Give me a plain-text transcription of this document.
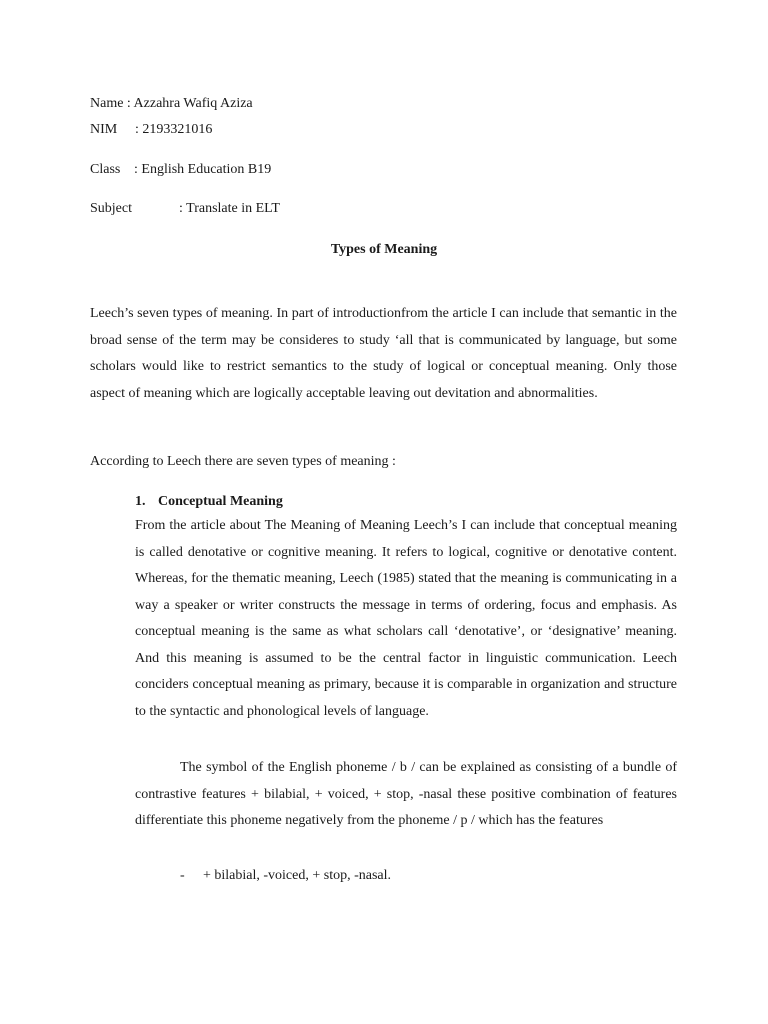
Name : Azzahra Wafiq Aziza
NIM : 2193321016
Class : English Education B19
Subject	: Translate in ELT
Types of Meaning
Leech’s seven types of meaning. In part of introductionfrom the article I can include that semantic in the broad sense of the term may be consideres to study ‘all that is communicated by language, but some scholars would like to restrict semantics to the study of logical or conceptual meaning. Only those aspect of meaning which are logically acceptable leaving out devitation and abnormalities.
According to Leech there are seven types of meaning :
1. Conceptual Meaning
From the article about The Meaning of Meaning Leech’s I can include that conceptual meaning is called denotative or cognitive meaning. It refers to logical, cognitive or denotative content. Whereas, for the thematic meaning, Leech (1985) stated that the meaning is communicating in a way a speaker or writer constructs the message in terms of ordering, focus and emphasis. As conceptual meaning is the same as what scholars call ‘denotative’, or ‘designative’ meaning. And this meaning is assumed to be the central factor in linguistic communication. Leech conciders conceptual meaning as primary, because it is comparable in organization and structure to the syntactic and phonological levels of language.
The symbol of the English phoneme / b / can be explained as consisting of a bundle of contrastive features + bilabial, + voiced, + stop, -nasal these positive combination of features differentiate this phoneme negatively from the phoneme / p / which has the features
- + bilabial, -voiced, + stop, -nasal.
